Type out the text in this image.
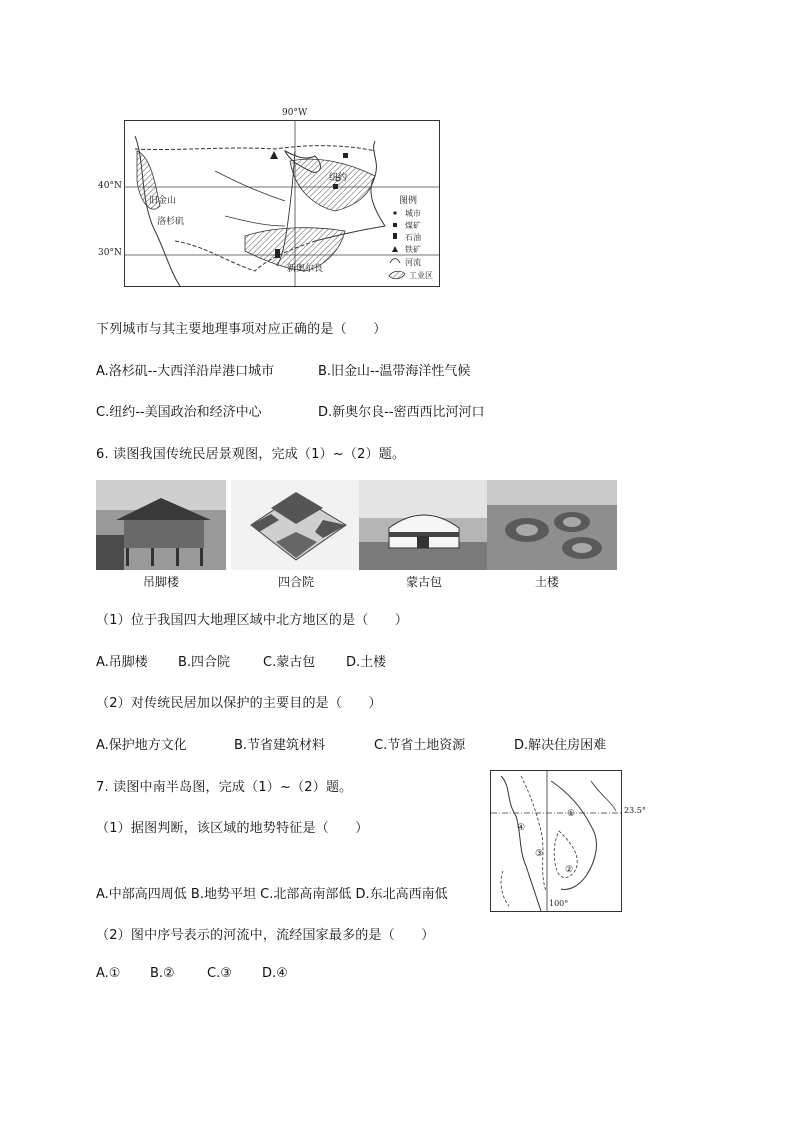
90°W
40°N
30°N
旧金山
洛杉矶
纽约
新奥尔良
图例
城市
煤矿
石油
铁矿
河流
工业区
下列城市与其主要地理事项对应正确的是（　　）
A.洛杉矶--大西洋沿岸港口城市	B.旧金山--温带海洋性气候
C.纽约--美国政治和经济中心	D.新奥尔良--密西西比河河口
6. 读图我国传统民居景观图，完成（1）~（2）题。
吊脚楼	四合院	蒙古包	土楼
（1）位于我国四大地理区域中北方地区的是（　　）
A.吊脚楼 B.四合院	C.蒙古包 D.土楼
（2）对传统民居加以保护的主要目的是（　　）
A.保护地方文化	B.节省建筑材料	C.节省土地资源	D.解决住房困难
7. 读图中南半岛图，完成（1）~（2）题。
（1）据图判断，该区域的地势特征是（　　）
A.中部高四周低 B.地势平坦 C.北部高南部低 D.东北高西南低
（2）图中序号表示的河流中，流经国家最多的是（　　）
A.① B.② C.③ D.④
④
①
③
②
100°
23.5°
